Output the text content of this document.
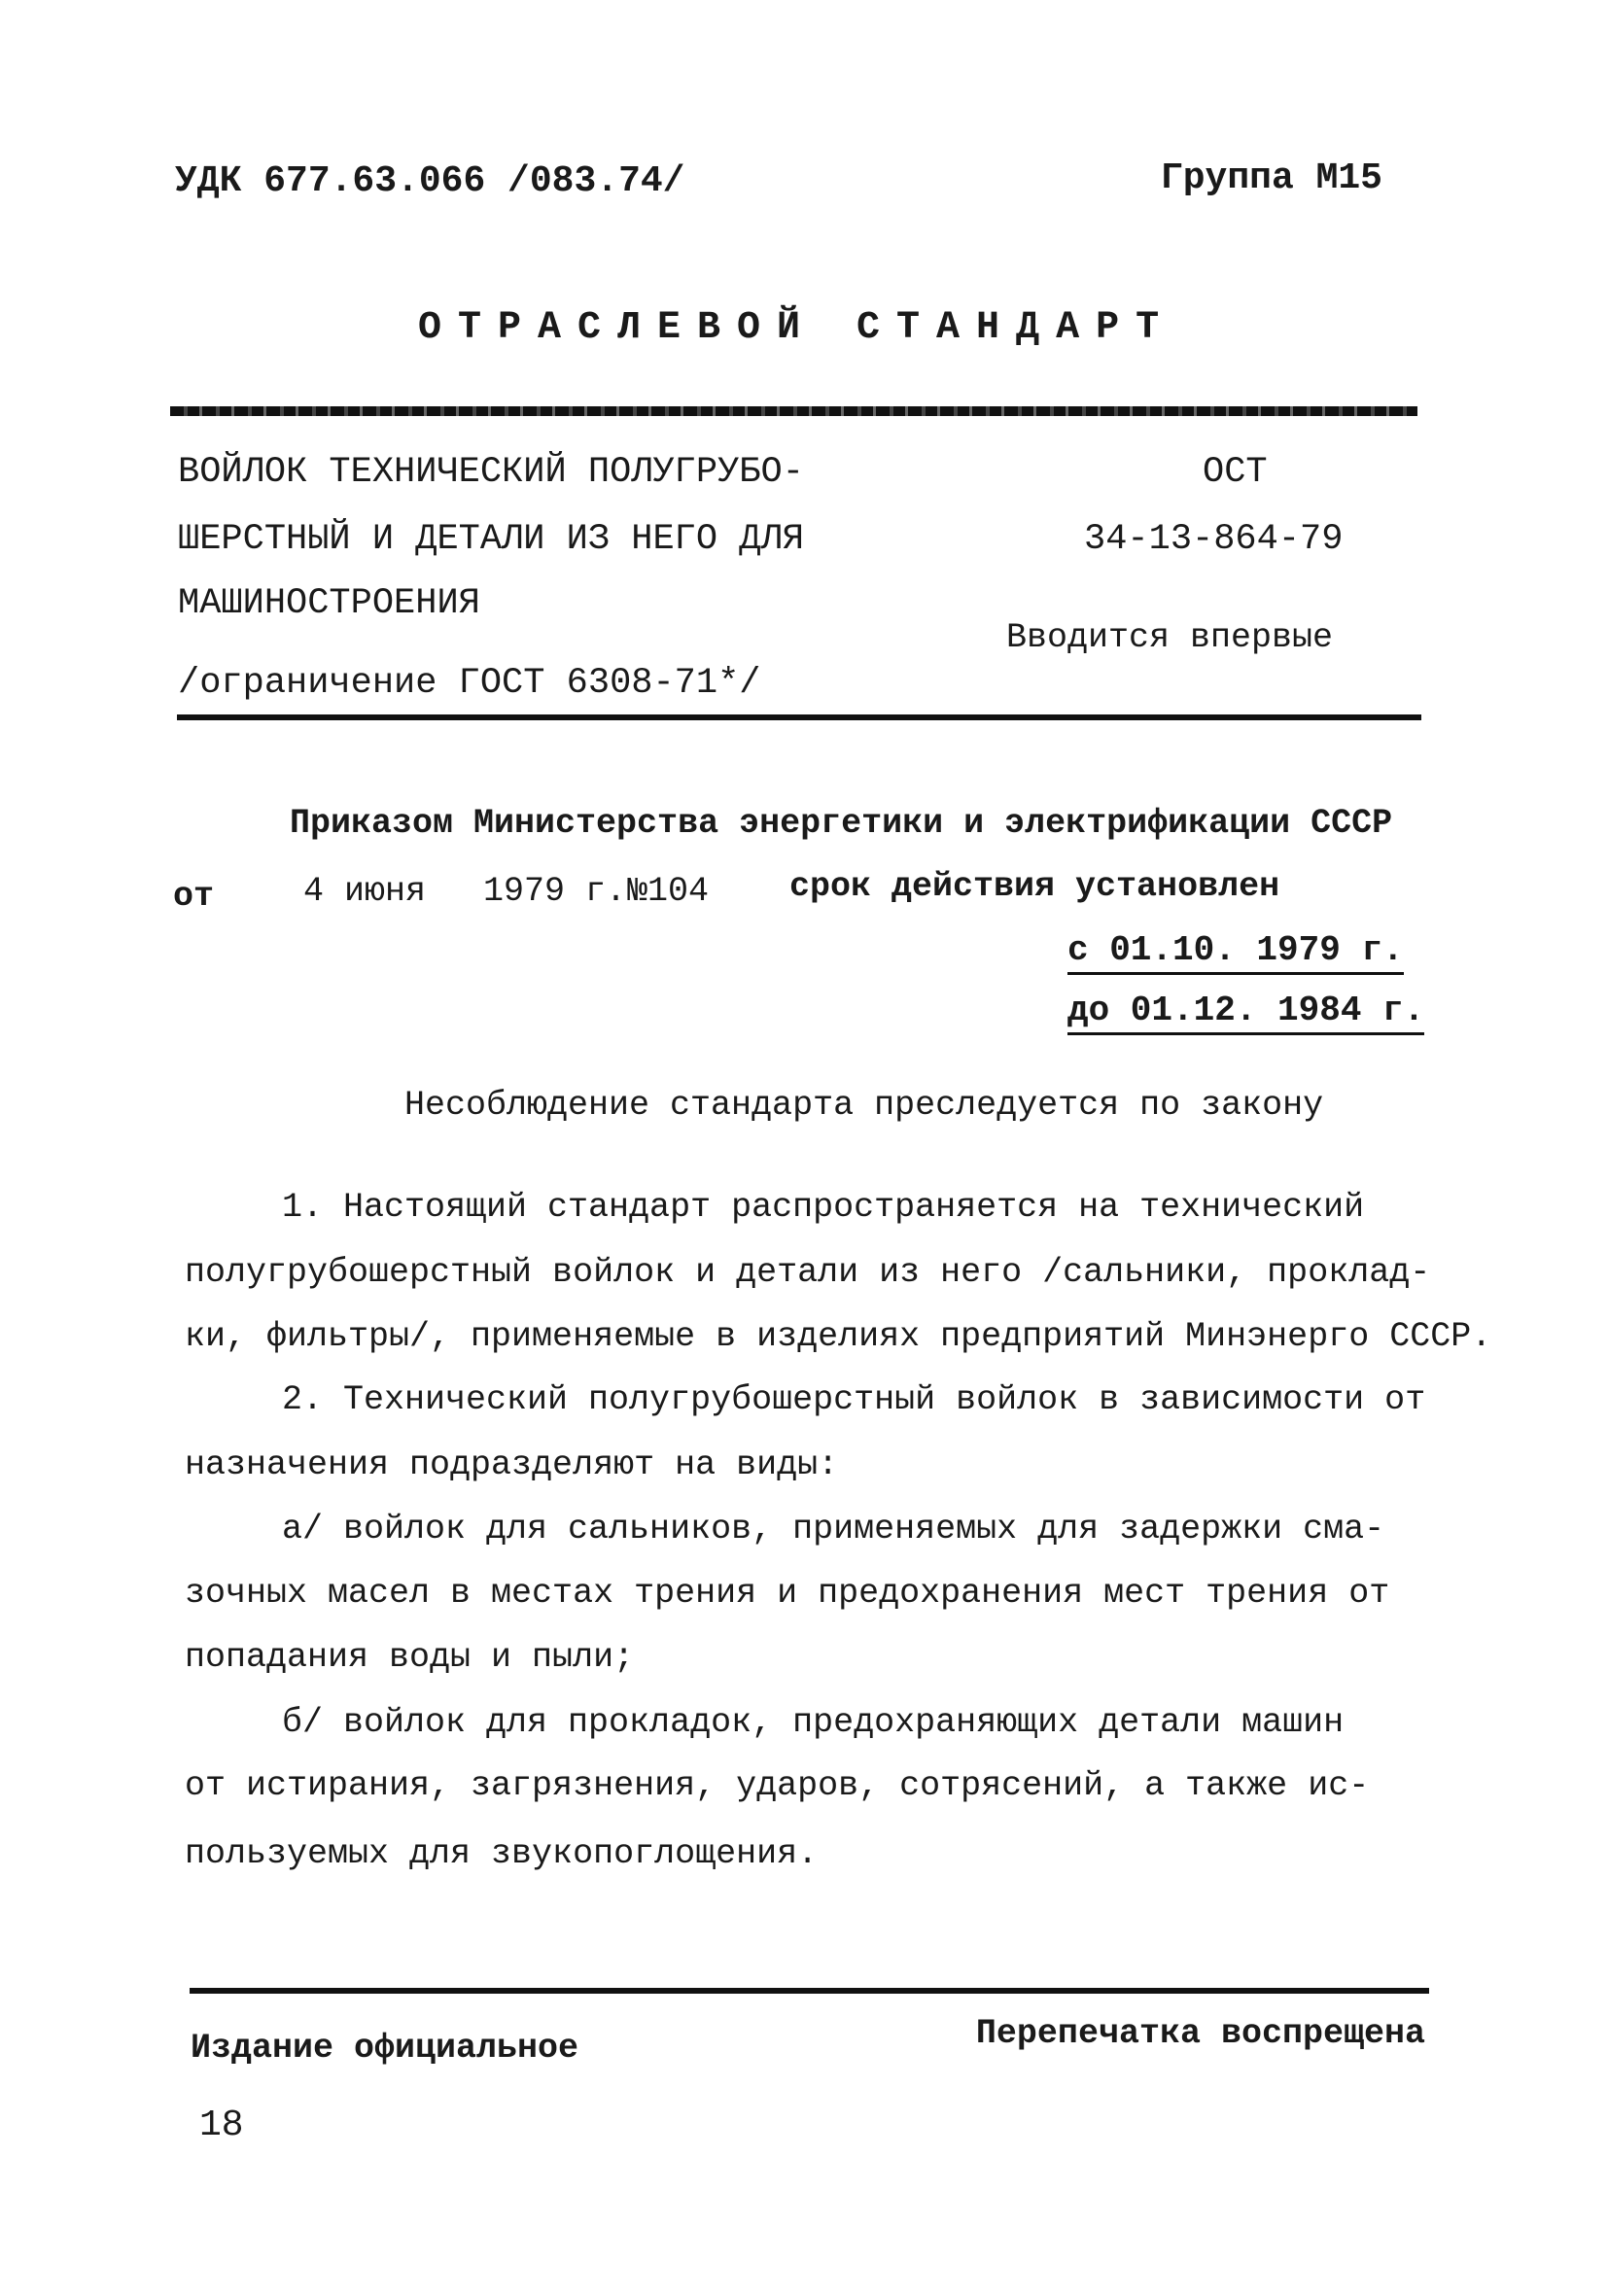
УДК 677.63.066 /083.74/	Группа М15
ОТРАСЛЕВОЙ СТАНДАРТ
ВОЙЛОК ТЕХНИЧЕСКИЙ ПОЛУГРУБО-
ШЕРСТНЫЙ И ДЕТАЛИ ИЗ НЕГО ДЛЯ
МАШИНОСТРОЕНИЯ
/ограничение ГОСТ 6308-71*/
ОСТ
34-13-864-79
Вводится впервые
Приказом Министерства энергетики и электрификации СССР
от	4 июня 1979 г. №104 срок действия установлен
с 01.10. 1979 г.
до 01.12. 1984 г.
Несоблюдение стандарта преследуется по закону
1. Настоящий стандарт распространяется на технический
полугрубошерстный войлок и детали из него /сальники, проклад-
ки, фильтры/, применяемые в изделиях предприятий Минэнерго СССР.
2. Технический полугрубошерстный войлок в зависимости от
назначения подразделяют на виды:
а/ войлок для сальников, применяемых для задержки сма-
зочных масел в местах трения и предохранения мест трения от
попадания воды и пыли;
б/ войлок для прокладок, предохраняющих детали машин
от истирания, загрязнения, ударов, сотрясений, а также ис-
пользуемых для звукопоглощения.
Издание официальное	Перепечатка воспрещена
18
